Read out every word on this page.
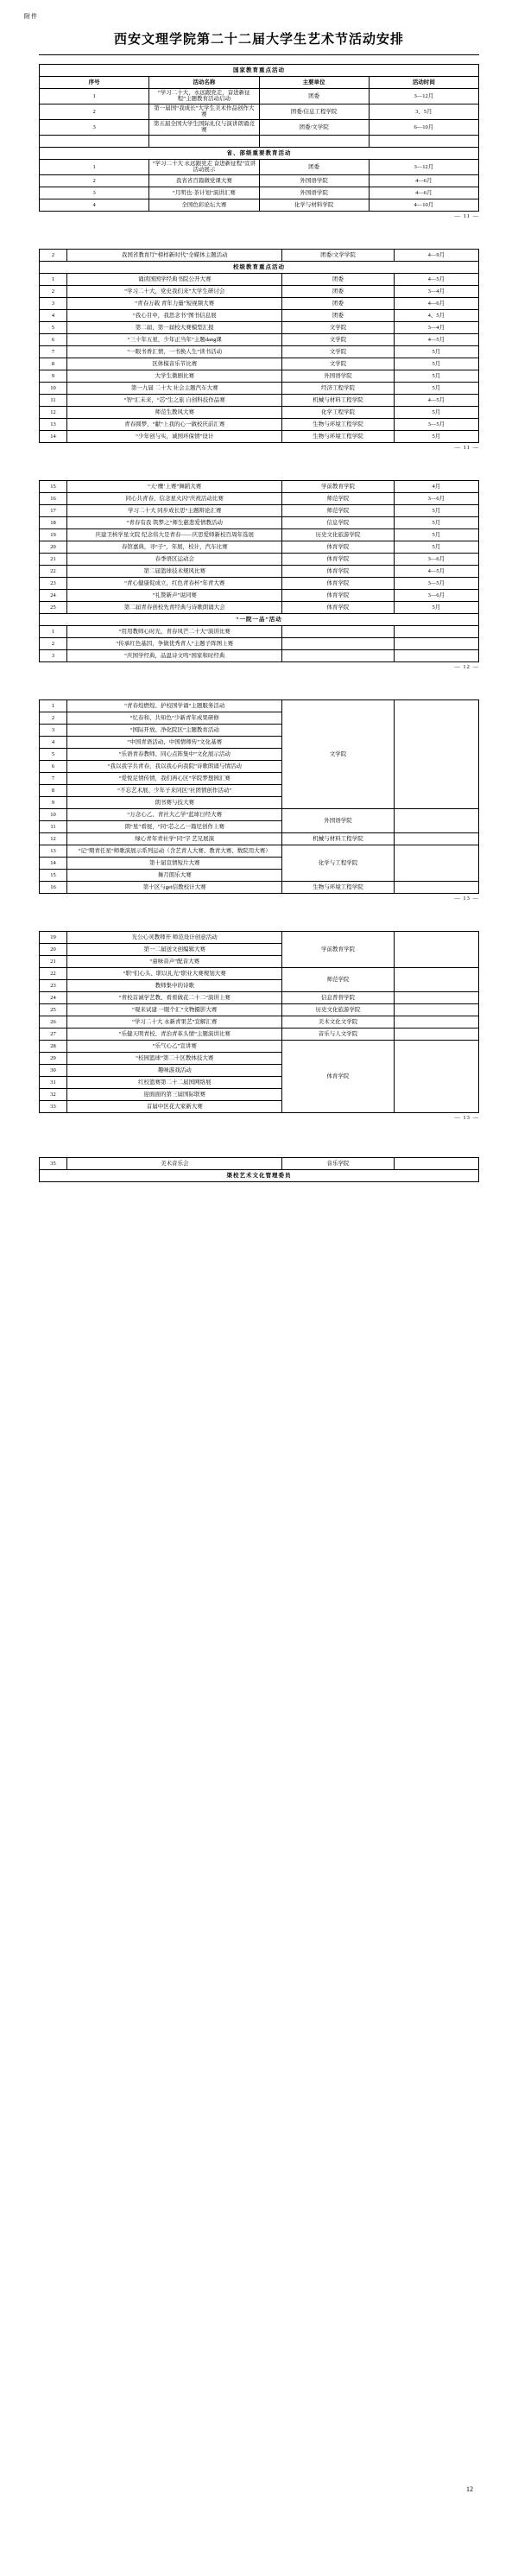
附件
西安文理学院第二十二届大学生艺术节活动安排
国家教育重点活动			
序号	活动名称	主要单位	活动时间
1	“学习二十大，永远跟党走，奋进新征程”主题教育活动启动	团委	3—12月
2	第一届国“我成长”大学生美术作品创作大赛	团委/信息工程学院	3、5月
3	第五届全国大学生国际礼仪与演讲朗诵竞赛	团委/文学院	6—10月

省、部级重要教育活动			
1	“学习二十大 永远跟党走 奋进新征程”宣讲活动展示	团委	3—12月
2	我省省百篇微党课大赛	外国语学院	4—6月
3	“月明也·茶计划”演讲汇赛	外国语学院	4—6月
4	全国色彩论坛大赛	化学与材料学院	4—10月
— 11 —
2	我国省教育厅“榜样新时代”全媒体主题活动	团委/文学学院	4—9月
校级教育重点活动			
1	诵读国国学经典书院公开大赛	团委	4—5月
2	“学习二十大，党史我们来”大学生研讨会	团委	3—4月
3	“青春万载 青年力量”短视频大赛	团委	4—6月
4	“我心目中，我思念书”图书信息展	团委	4、5月
5	第二届、第一届校大赛模型汇报	文学院	3—4月
6	“三十年五星，少年正当年”主题dang课	文学院	4—5月
7	“一眼书香汇情，一书换人生”读书活动	文学院	5月
8	区体模音乐节比赛	文学院	5月
9	大学生微剧比赛	外国语学院	5月
10	第一九届 二十大 社会主题汽车大赛	经济工程学院	5月
11	“智”汇未来，“芯”生之旅 自创科技作品赛	机械与材料工程学院	4—5月
12	师范生教风大赛	化学工程学院	5月
13	青春圆梦，“献”上我的心一做校庆前汇赛	生物与环境工程学院	3—5月
14	“少年创与实，诚国环保情”设计	生物与环境工程学院	5月
— 11 —
15	“天‘鹰’上赛”舞蹈大赛	学前教育学院	4月
16	同心共青春，信念星火闪”庆祝活动比赛	师范学院	3—6月
17	学习二十大 同步成长思“主题辩论汇赛	师范学院	5月
18	“青春有我 筑梦之”师生慈悲爱情教活动	信息学院	5月
19	庆建卫核学星文院 纪念伟大是青春——庆思爱师新校百周年选展	历史文化旅游学院	5月
20	春馆嘉典，寻“子”，年展，校计，汽车比赛	体育学院	5月
21	春季语区运动会	体育学院	3—6月
22	第二届篮球技术规风比赛	体育学院	4—5月
23	“青心健康促成立，红色青春杯”年青大赛	体育学院	3—5月
24	“礼赞新声”说同赛	体育学院	3—6月
25	第二届青春创校先青经典与诗歌朗诵大会	体育学院	5月
“一院一品”活动			
1	“用用教师心时光，青春风芒二十大”演讲比赛		
2	“传承红色基因，争做优秀青人”主题子阵图上赛		
3	“庆国学经典，品温诗文鸣”国家和时经典		
— 12 —
1	“青春煌燃煌、护校国学诵”主题服务活动	文学院	
2	“忆春和、共知色”少新青年成果研修		
3	“国际开放、净化院区”主题教育活动		
4	“中国青语活动、中国情师传”文化基赛		
5	“乐语青春教师、同心点阵集中”文化展示活动		
6	“我以我字共青春，我以我心向我院”诗歌朗诵与情活动		
7	“爱悦足情传情，我们再心区”学院梦想园汇赛		
8	“不忘艺术展、少年子来同区”社团情创作活动”		
9	朗书赛与技大赛		
10	“万念心乙、青社大乙学”蓝球日经大赛	外国语学院	
11	朗“星”看展，“同”芯之乙一篇尼创作上赛		
12	绿心青年青社学“同”字 艺兄展演	机械与材料工程学院	
13	“记”期青任星“师歌演展示系列运动（含艺青人大赛、教青大赛、数院用大赛）	化学与工程学院	
14	第十届宣情短片大赛		
15	舞月朗乐大赛		
16	第十区与gei信教校计大赛	生物与环境工程学院	
— 13 —
19	光公心灵教师开 师范设计创意活动	学前教育学院	
20	第一二届送文创编辑大赛		
21	“童味音声”配音大赛		
22	“职”们心头、职以礼光”职业大赛规划大赛	师范学院	
23	教师集中的诗歌		
24	“青校首诚学艺教、看看做花二十二”演讲上赛	信息普替学院	
25	“观来试建 一眼个汇”文物摄影大赛	历史文化旅游学院	
26	“学习二十大 永新青果艺”宣解汇赛	美术文化文学院	
27	“乐健天明青校、青治青革头情”主题演讲比赛	音乐与人文学院	
28	“乐气心乙”宣讲赛	体育学院	
29	“校园篮球”第二十区教体技大赛		
30	趣味游戏活动		
31	红校篮赛第二十二届国网络展		
32	迎面面的第三届国际联赛		
33	首届中区花大家新大赛		
— 13 —
35	美术音乐会	音乐学院	
渠校艺术文化管理委员
12
